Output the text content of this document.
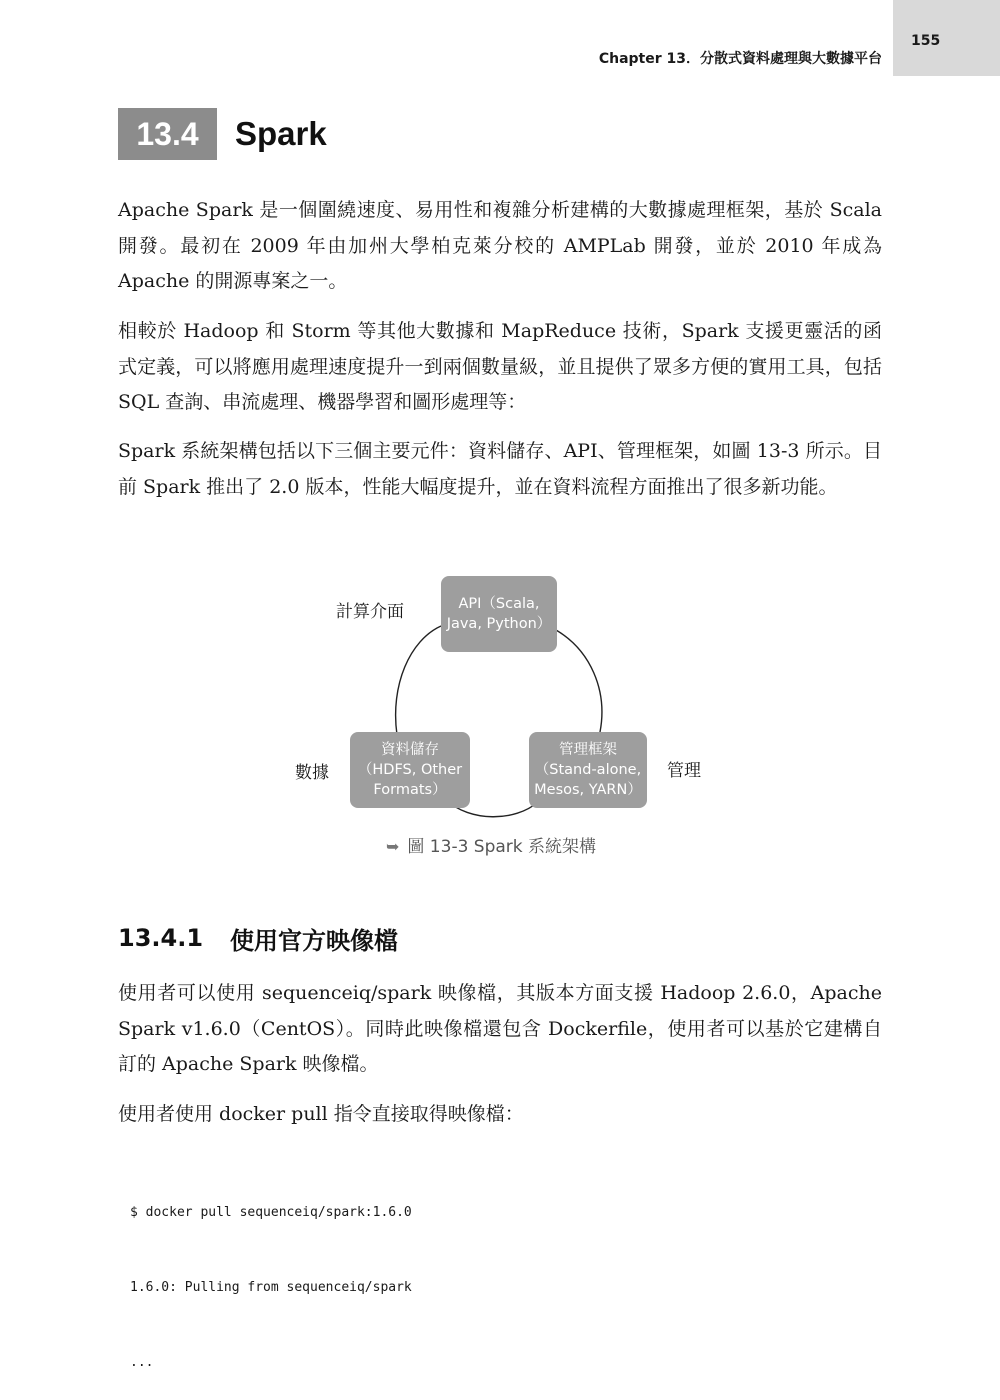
Chapter 13．分散式資料處理與大數據平台
155
13.4	Spark

Apache Spark 是一個圍繞速度、易用性和複雜分析建構的大數據處理框架，基於 Scala 開發。最初在 2009 年由加州大學柏克萊分校的 AMPLab 開發，並於 2010 年成為 Apache 的開源專案之一。

相較於 Hadoop 和 Storm 等其他大數據和 MapReduce 技術，Spark 支援更靈活的函式定義，可以將應用處理速度提升一到兩個數量級，並且提供了眾多方便的實用工具，包括 SQL 查詢、串流處理、機器學習和圖形處理等：

Spark 系統架構包括以下三個主要元件：資料儲存、API、管理框架，如圖 13-3 所示。目前 Spark 推出了 2.0 版本，性能大幅度提升，並在資料流程方面推出了很多新功能。

API（Scala,
Java, Python）
計算介面
資料儲存
（HDFS, Other
Formats）
數據
管理框架
（Stand-alone,
Mesos, YARN）
管理
➥ 圖 13-3 Spark 系統架構
13.4.1	使用官方映像檔

使用者可以使用 sequenceiq/spark 映像檔，其版本方面支援 Hadoop 2.6.0，Apache Spark v1.6.0（CentOS）。同時此映像檔還包含 Dockerfile，使用者可以基於它建構自訂的 Apache Spark 映像檔。

使用者使用 docker pull 指令直接取得映像檔：

$ docker pull sequenceiq/spark:1.6.0

1.6.0: Pulling from sequenceiq/spark

...
